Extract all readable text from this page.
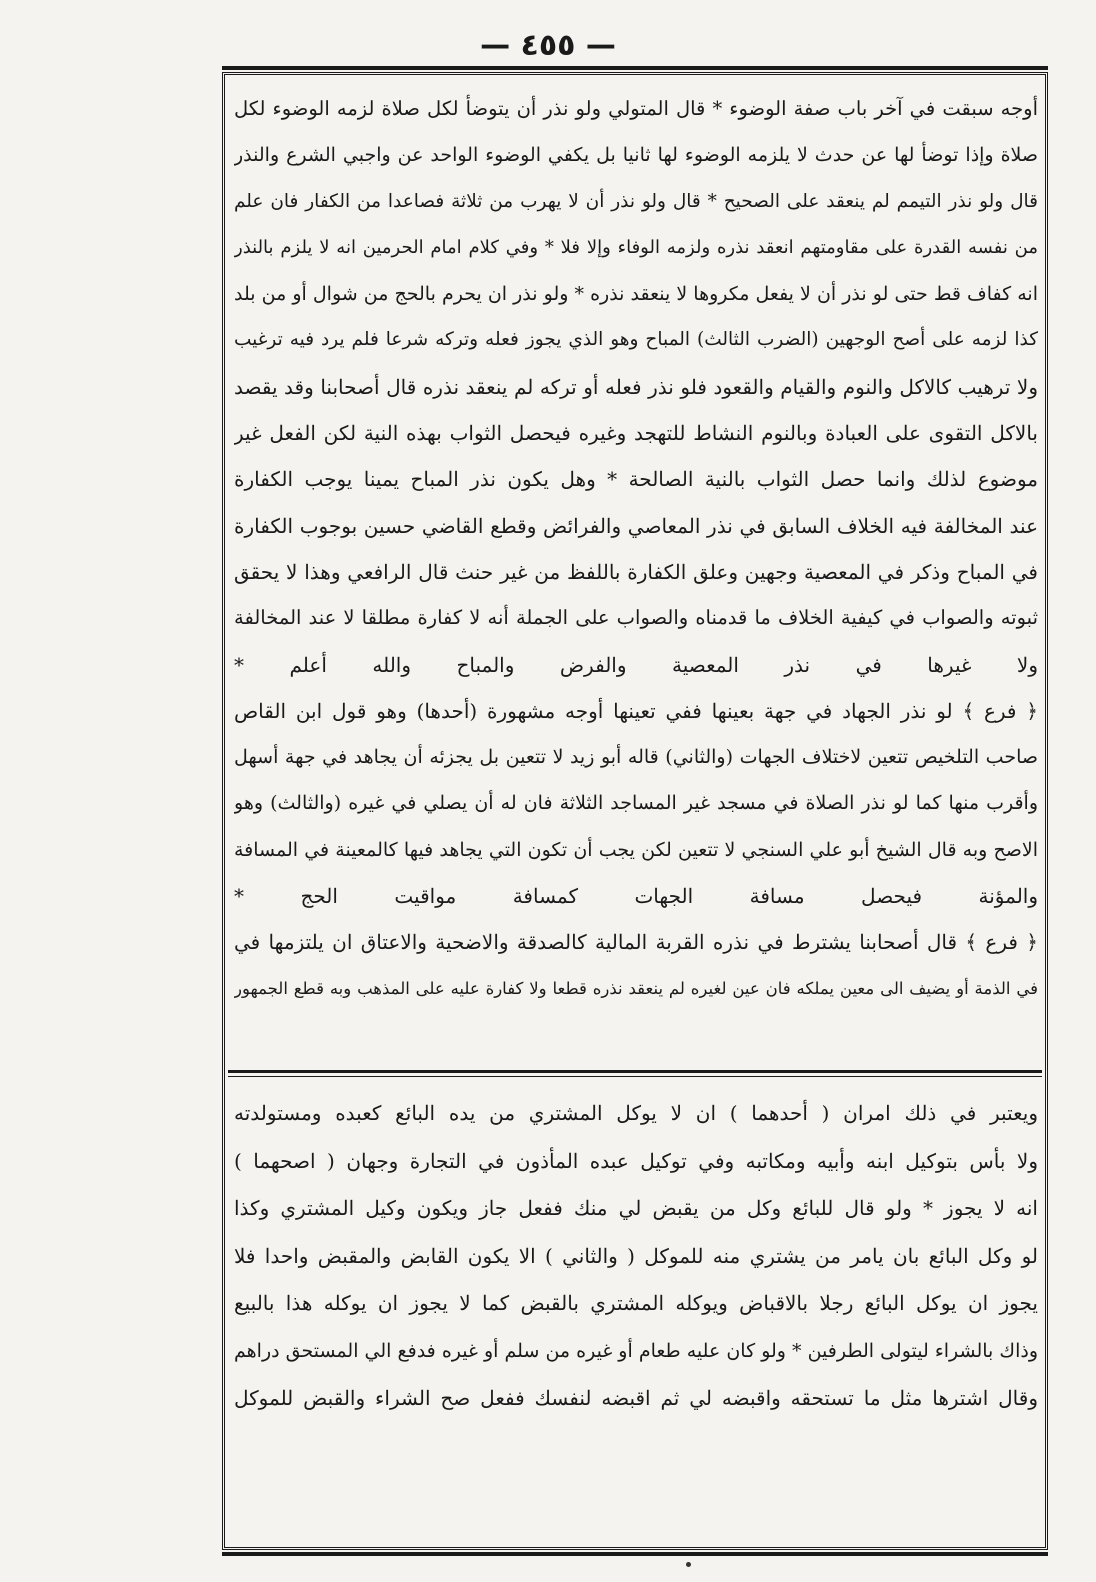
— ٤٥٥ —
أوجه سبقت في آخر باب صفة الوضوء * قال المتولي ولو نذر أن يتوضأ لكل صلاة لزمه الوضوء لكل
صلاة وإذا توضأ لها عن حدث لا يلزمه الوضوء لها ثانيا بل يكفي الوضوء الواحد عن واجبي الشرع والنذر
قال ولو نذر التيمم لم ينعقد على الصحيح * قال ولو نذر أن لا يهرب من ثلاثة فصاعدا من الكفار فان علم
من نفسه القدرة على مقاومتهم انعقد نذره ولزمه الوفاء وإلا فلا * وفي كلام امام الحرمين انه لا يلزم بالنذر
انه كفاف قط حتى لو نذر أن لا يفعل مكروها لا ينعقد نذره * ولو نذر ان يحرم بالحج من شوال أو من بلد
كذا لزمه على أصح الوجهين (الضرب الثالث) المباح وهو الذي يجوز فعله وتركه شرعا فلم يرد فيه ترغيب
ولا ترهيب كالاكل والنوم والقيام والقعود فلو نذر فعله أو تركه لم ينعقد نذره قال أصحابنا وقد يقصد
بالاكل التقوى على العبادة وبالنوم النشاط للتهجد وغيره فيحصل الثواب بهذه النية لكن الفعل غير
موضوع لذلك وانما حصل الثواب بالنية الصالحة * وهل يكون نذر المباح يمينا يوجب الكفارة
عند المخالفة فيه الخلاف السابق في نذر المعاصي والفرائض وقطع القاضي حسين بوجوب الكفارة
في المباح وذكر في المعصية وجهين وعلق الكفارة باللفظ من غير حنث قال الرافعي وهذا لا يحقق
ثبوته والصواب في كيفية الخلاف ما قدمناه والصواب على الجملة أنه لا كفارة مطلقا لا عند المخالفة
ولا غيرها في نذر المعصية والفرض والمباح والله أعلم *
﴿ فرع ﴾ لو نذر الجهاد في جهة بعينها ففي تعينها أوجه مشهورة (أحدها) وهو قول ابن القاص
صاحب التلخيص تتعين لاختلاف الجهات (والثاني) قاله أبو زيد لا تتعين بل يجزئه أن يجاهد في جهة أسهل
وأقرب منها كما لو نذر الصلاة في مسجد غير المساجد الثلاثة فان له أن يصلي في غيره (والثالث) وهو
الاصح وبه قال الشيخ أبو علي السنجي لا تتعين لكن يجب أن تكون التي يجاهد فيها كالمعينة في المسافة
والمؤنة فيحصل مسافة الجهات كمسافة مواقيت الحج *
﴿ فرع ﴾ قال أصحابنا يشترط في نذره القربة المالية كالصدقة والاضحية والاعتاق ان يلتزمها في
في الذمة أو يضيف الى معين يملكه فان عين لغيره لم ينعقد نذره قطعا ولا كفارة عليه على المذهب وبه قطع الجمهور
ويعتبر في ذلك امران ( أحدهما ) ان لا يوكل المشتري من يده البائع كعبده ومستولدته
ولا بأس بتوكيل ابنه وأبيه ومكاتبه وفي توكيل عبده المأذون في التجارة وجهان ( اصحهما )
انه لا يجوز * ولو قال للبائع وكل من يقبض لي منك ففعل جاز ويكون وكيل المشتري وكذا
لو وكل البائع بان يامر من يشتري منه للموكل ( والثاني ) الا يكون القابض والمقبض واحدا فلا
يجوز ان يوكل البائع رجلا بالاقباض ويوكله المشتري بالقبض كما لا يجوز ان يوكله هذا بالبيع
وذاك بالشراء ليتولى الطرفين * ولو كان عليه طعام أو غيره من سلم أو غيره فدفع الي المستحق دراهم
وقال اشترها مثل ما تستحقه واقبضه لي ثم اقبضه لنفسك ففعل صح الشراء والقبض للموكل
